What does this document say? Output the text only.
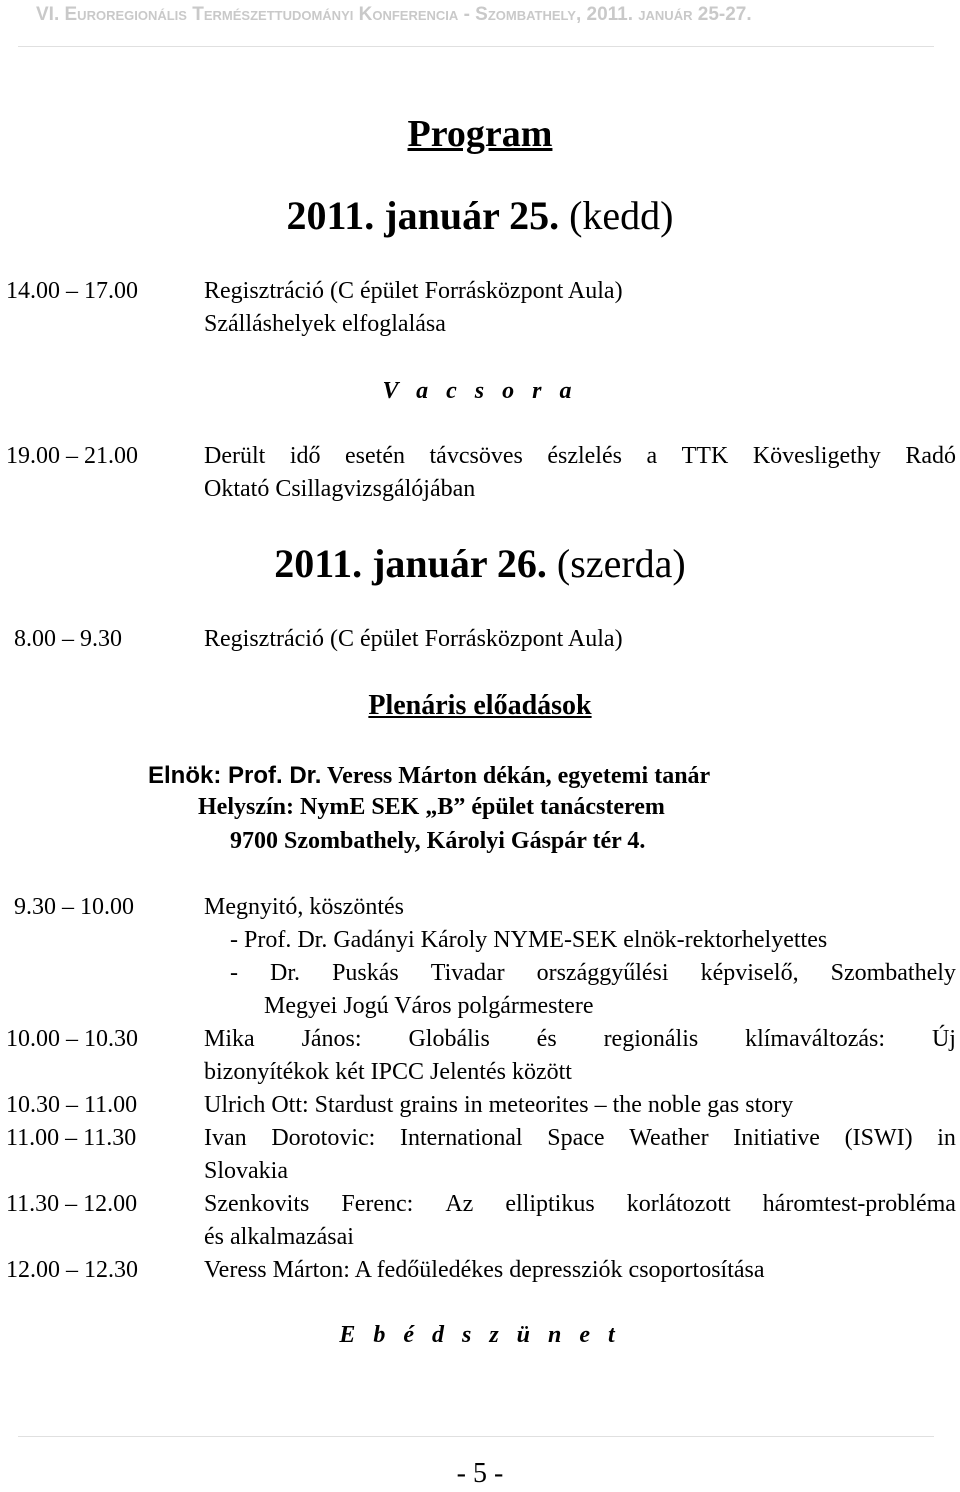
VI. Euroregionális Természettudományi Konferencia - Szombathely, 2011. január 25-27.
Program
2011. január 25. (kedd)
14.00 – 17.00	Regisztráció (C épület Forrásközpont Aula)
Szálláshelyek elfoglalása
V a c s o r a
19.00 – 21.00	Derült idő esetén távcsöves észlelés a TTK Kövesligethy Radó
Oktató Csillagvizsgálójában
2011. január 26. (szerda)
8.00 – 9.30	Regisztráció (C épület Forrásközpont Aula)
Plenáris előadások
Elnök: Prof. Dr. Veress Márton dékán, egyetemi tanár
Helyszín: NymE SEK „B” épület tanácsterem
9700 Szombathely, Károlyi Gáspár tér 4.
9.30 – 10.00	Megnyitó, köszöntés
- Prof. Dr. Gadányi Károly NYME-SEK elnök-rektorhelyettes
- Dr. Puskás Tivadar országgyűlési képviselő, Szombathely
Megyei Jogú Város polgármestere
10.00 – 10.30	Mika János: Globális és regionális klímaváltozás: Új
bizonyítékok két IPCC Jelentés között
10.30 – 11.00	Ulrich Ott: Stardust grains in meteorites – the noble gas story
11.00 – 11.30	Ivan Dorotovic: International Space Weather Initiative (ISWI) in
Slovakia
11.30 – 12.00	Szenkovits Ferenc: Az elliptikus korlátozott háromtest-probléma
és alkalmazásai
12.00 – 12.30	Veress Márton: A fedőüledékes depressziók csoportosítása
E b é d s z ü n e t
- 5 -
